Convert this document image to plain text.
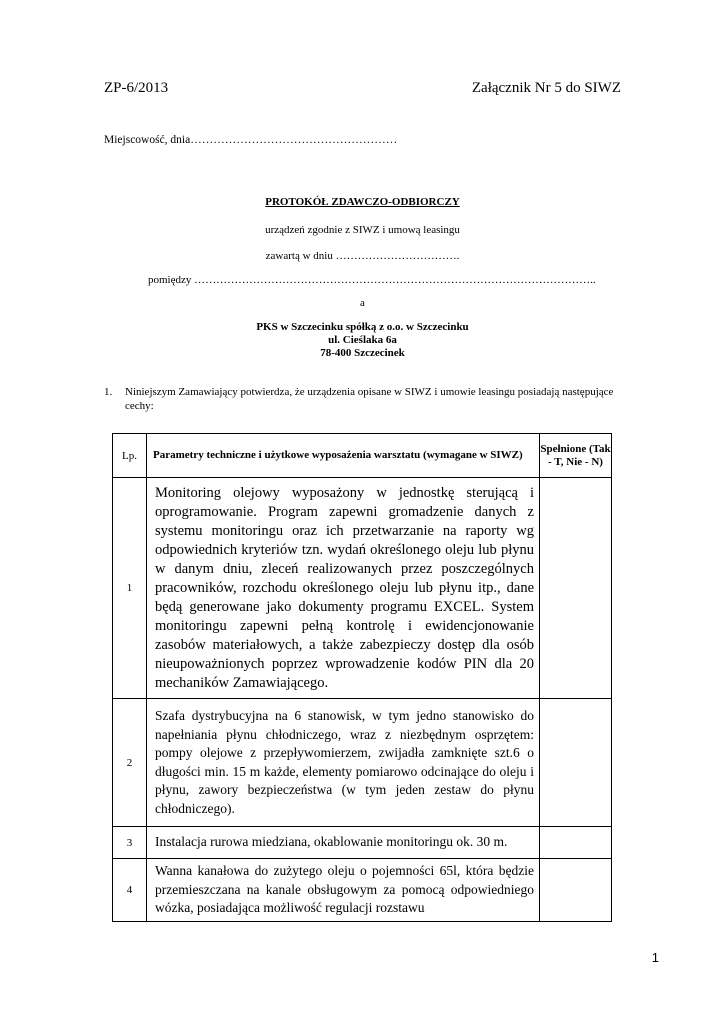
ZP-6/2013	Załącznik Nr 5 do SIWZ
Miejscowość, dnia………………………………………………
PROTOKÓŁ ZDAWCZO-ODBIORCZY
urządzeń zgodnie z SIWZ i umową leasingu
zawartą w dniu …………………………….
pomiędzy ………………………………………………………………………………………………..
a
PKS w Szczecinku spółką z o.o. w Szczecinku
ul. Cieślaka 6a
78-400 Szczecinek
1.	Niniejszym Zamawiający potwierdza, że urządzenia opisane w SIWZ i umowie leasingu posiadają następujące cechy:
Lp.	Parametry techniczne i użytkowe wyposażenia warsztatu (wymagane w SIWZ)	Spełnione (Tak - T, Nie - N)
1	Monitoring olejowy wyposażony w jednostkę sterującą i oprogramowanie. Program zapewni gromadzenie danych z systemu monitoringu oraz ich przetwarzanie na raporty wg odpowiednich kryteriów tzn. wydań określonego oleju lub płynu w danym dniu, zleceń realizowanych przez poszczególnych pracowników, rozchodu określonego oleju lub płynu itp., dane będą generowane jako dokumenty programu EXCEL. System monitoringu zapewni pełną kontrolę i ewidencjonowanie zasobów materiałowych, a także zabezpieczy dostęp dla osób nieupoważnionych poprzez wprowadzenie kodów PIN dla 20 mechaników Zamawiającego.	
2	Szafa dystrybucyjna na 6 stanowisk, w tym jedno stanowisko do napełniania płynu chłodniczego, wraz z niezbędnym osprzętem: pompy olejowe z przepływomierzem, zwijadła zamknięte szt.6 o długości min. 15 m każde, elementy pomiarowo odcinające do oleju i płynu, zawory bezpieczeństwa (w tym jeden zestaw do płynu chłodniczego).	
3	Instalacja rurowa miedziana, okablowanie monitoringu ok. 30 m.	
4	Wanna kanałowa do zużytego oleju o pojemności 65l, która będzie przemieszczana na kanale obsługowym za pomocą odpowiedniego wózka, posiadająca możliwość regulacji rozstawu	
1
